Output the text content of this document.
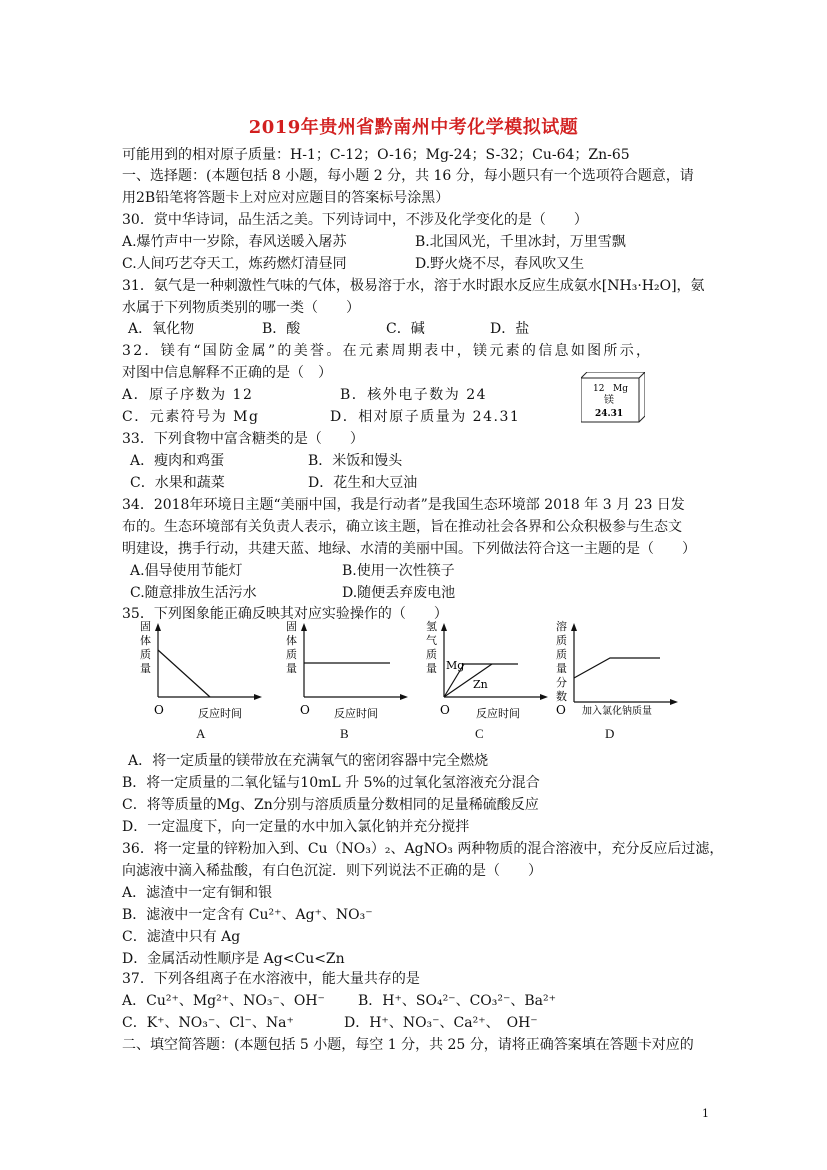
2019年贵州省黔南州中考化学模拟试题
可能用到的相对原子质量：H-1；C-12；O-16；Mg-24；S-32；Cu-64；Zn-65
一、选择题：(本题包括 8 小题，每小题 2 分，共 16 分，每小题只有一个选项符合题意，请
用2B铅笔将答题卡上对应对应题目的答案标号涂黑）
30．赏中华诗词，品生活之美。下列诗词中，不涉及化学变化的是（　　）
A.爆竹声中一岁除，春风送暖入屠苏	B.北国风光，千里冰封，万里雪飘
C.人间巧艺夺天工，炼药燃灯清昼同	D.野火烧不尽，春风吹又生
31．氨气是一种刺激性气味的气体，极易溶于水，溶于水时跟水反应生成氨水[NH₃·H₂O]，氨
水属于下列物质类别的哪一类（　　）
A．氧化物	B．酸	C．碱	D．盐
32．镁有“国防金属”的美誉。在元素周期表中，镁元素的信息如图所示，
对图中信息解释不正确的是（　）
A．原子序数为 12	B．核外电子数为 24
C．元素符号为 Mg	D．相对原子质量为 24.31
12 Mg
镁
24.31
33．下列食物中富含糖类的是（　　）
A．瘦肉和鸡蛋	B．米饭和馒头
C．水果和蔬菜	D．花生和大豆油
34．2018年环境日主题“美丽中国，我是行动者”是我国生态环境部 2018 年 3 月 23 日发
布的。生态环境部有关负责人表示，确立该主题，旨在推动社会各界和公众积极参与生态文
明建设，携手行动，共建天蓝、地绿、水清的美丽中国。下列做法符合这一主题的是（　　）
A.倡导使用节能灯	B.使用一次性筷子
C.随意排放生活污水	D.随便丢弃废电池
35．下列图象能正确反映其对应实验操作的（　　）
固
体
质
量
O	反应时间
固
体
质
量
O 反应时间
氢
气
质
量 Mg
Zn
O 反应时间
溶
质
质
量
分
数
O 加入氯化钠质量
A	B	C	D
A．将一定质量的镁带放在充满氧气的密闭容器中完全燃烧
B．将一定质量的二氧化锰与10mL 升 5%的过氧化氢溶液充分混合
C．将等质量的Mg、Zn分别与溶质质量分数相同的足量稀硫酸反应
D．一定温度下，向一定量的水中加入氯化钠并充分搅拌
36．将一定量的锌粉加入到、Cu（NO₃）₂、AgNO₃ 两种物质的混合溶液中，充分反应后过滤，
向滤液中滴入稀盐酸，有白色沉淀．则下列说法不正确的是（　　）
A．滤渣中一定有铜和银
B．滤液中一定含有 Cu²⁺、Ag⁺、NO₃⁻
C．滤渣中只有 Ag
D．金属活动性顺序是 Ag<Cu<Zn
37．下列各组离子在水溶液中，能大量共存的是
A．Cu²⁺、Mg²⁺、NO₃⁻、OH⁻ B．H⁺、SO₄²⁻、CO₃²⁻、Ba²⁺
C．K⁺、NO₃⁻、Cl⁻、Na⁺	D．H⁺、NO₃⁻、Ca²⁺、　OH⁻
二、填空简答题：(本题包括 5 小题，每空 1 分，共 25 分，请将正确答案填在答题卡对应的
1
